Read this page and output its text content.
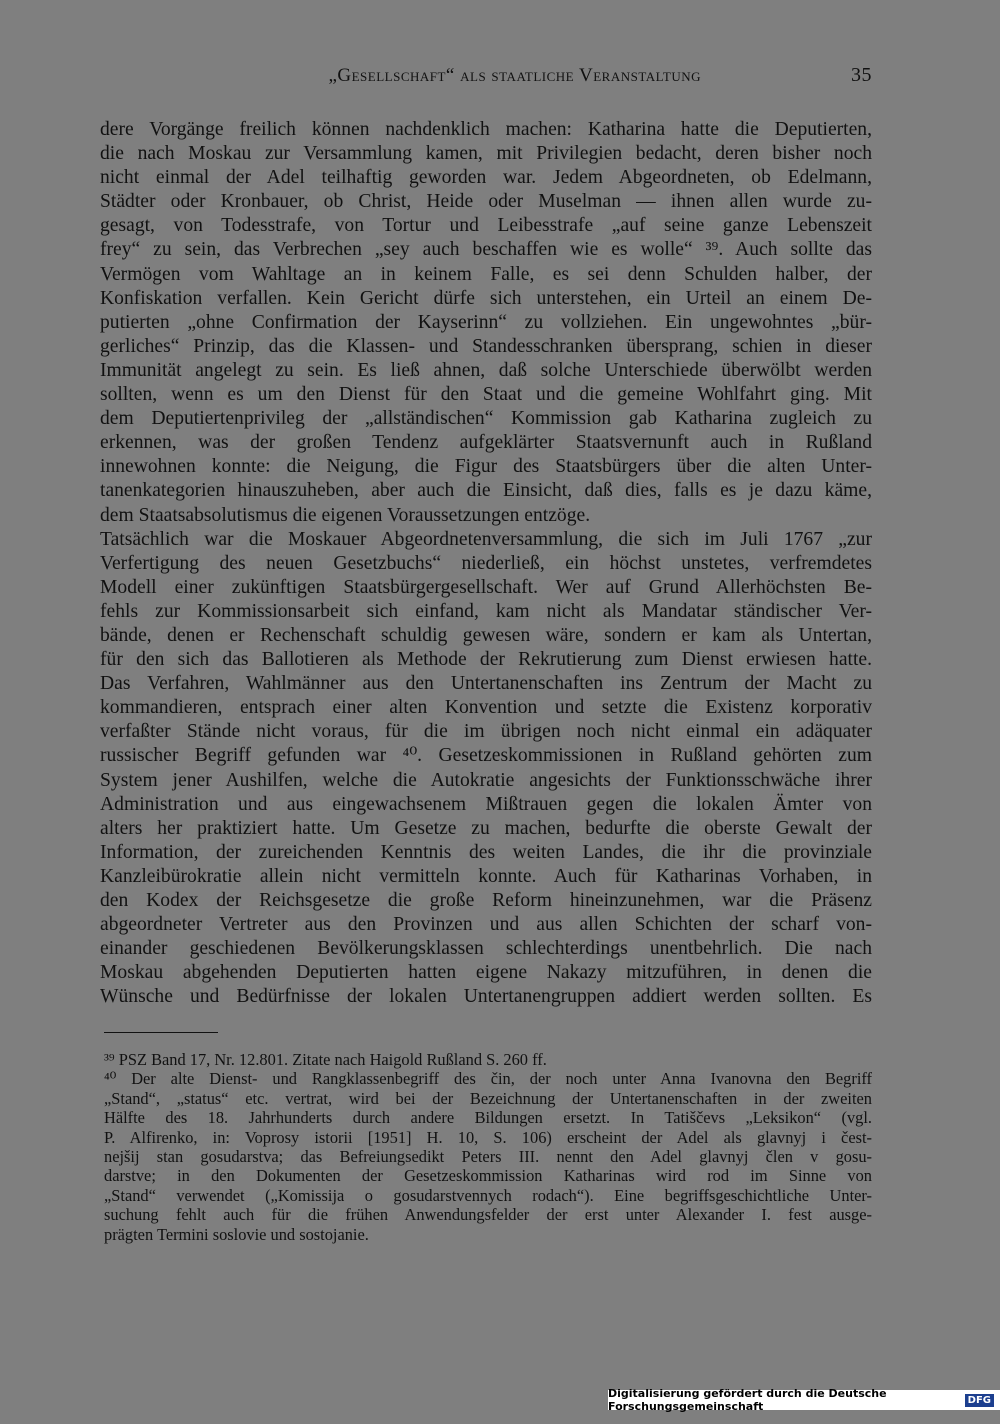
„Gesellschaft“ als staatliche Veranstaltung	35

dere Vorgänge freilich können nachdenklich machen: Katharina hatte die Deputierten,

die nach Moskau zur Versammlung kamen, mit Privilegien bedacht, deren bisher noch

nicht einmal der Adel teilhaftig geworden war. Jedem Abgeordneten, ob Edelmann,

Städter oder Kronbauer, ob Christ, Heide oder Muselman — ihnen allen wurde zu-

gesagt, von Todesstrafe, von Tortur und Leibesstrafe „auf seine ganze Lebenszeit

frey“ zu sein, das Verbrechen „sey auch beschaffen wie es wolle“ ³⁹. Auch sollte das

Vermögen vom Wahltage an in keinem Falle, es sei denn Schulden halber, der

Konfiskation verfallen. Kein Gericht dürfe sich unterstehen, ein Urteil an einem De-

putierten „ohne Confirmation der Kayserinn“ zu vollziehen. Ein ungewohntes „bür-

gerliches“ Prinzip, das die Klassen- und Standesschranken übersprang, schien in dieser

Immunität angelegt zu sein. Es ließ ahnen, daß solche Unterschiede überwölbt werden

sollten, wenn es um den Dienst für den Staat und die gemeine Wohlfahrt ging. Mit

dem Deputiertenprivileg der „allständischen“ Kommission gab Katharina zugleich zu

erkennen, was der großen Tendenz aufgeklärter Staatsvernunft auch in Rußland

innewohnen konnte: die Neigung, die Figur des Staatsbürgers über die alten Unter-

tanenkategorien hinauszuheben, aber auch die Einsicht, daß dies, falls es je dazu käme,

dem Staatsabsolutismus die eigenen Voraussetzungen entzöge.

Tatsächlich war die Moskauer Abgeordnetenversammlung, die sich im Juli 1767 „zur

Verfertigung des neuen Gesetzbuchs“ niederließ, ein höchst unstetes, verfremdetes

Modell einer zukünftigen Staatsbürgergesellschaft. Wer auf Grund Allerhöchsten Be-

fehls zur Kommissionsarbeit sich einfand, kam nicht als Mandatar ständischer Ver-

bände, denen er Rechenschaft schuldig gewesen wäre, sondern er kam als Untertan,

für den sich das Ballotieren als Methode der Rekrutierung zum Dienst erwiesen hatte.

Das Verfahren, Wahlmänner aus den Untertanenschaften ins Zentrum der Macht zu

kommandieren, entsprach einer alten Konvention und setzte die Existenz korporativ

verfaßter Stände nicht voraus, für die im übrigen noch nicht einmal ein adäquater

russischer Begriff gefunden war ⁴⁰. Gesetzeskommissionen in Rußland gehörten zum

System jener Aushilfen, welche die Autokratie angesichts der Funktionsschwäche ihrer

Administration und aus eingewachsenem Mißtrauen gegen die lokalen Ämter von

alters her praktiziert hatte. Um Gesetze zu machen, bedurfte die oberste Gewalt der

Information, der zureichenden Kenntnis des weiten Landes, die ihr die provinziale

Kanzleibürokratie allein nicht vermitteln konnte. Auch für Katharinas Vorhaben, in

den Kodex der Reichsgesetze die große Reform hineinzunehmen, war die Präsenz

abgeordneter Vertreter aus den Provinzen und aus allen Schichten der scharf von-

einander geschiedenen Bevölkerungsklassen schlechterdings unentbehrlich. Die nach

Moskau abgehenden Deputierten hatten eigene Nakazy mitzuführen, in denen die

Wünsche und Bedürfnisse der lokalen Untertanengruppen addiert werden sollten. Es

³⁹ PSZ Band 17, Nr. 12.801. Zitate nach Haigold Rußland S. 260 ff.

⁴⁰ Der alte Dienst- und Rangklassenbegriff des čin, der noch unter Anna Ivanovna den Begriff

„Stand“, „status“ etc. vertrat, wird bei der Bezeichnung der Untertanenschaften in der zweiten

Hälfte des 18. Jahrhunderts durch andere Bildungen ersetzt. In Tatiščevs „Leksikon“ (vgl.

P. Alfirenko, in: Voprosy istorii [1951] H. 10, S. 106) erscheint der Adel als glavnyj i čest-

nejšij stan gosudarstva; das Befreiungsedikt Peters III. nennt den Adel glavnyj člen v gosu-

darstve; in den Dokumenten der Gesetzeskommission Katharinas wird rod im Sinne von

„Stand“ verwendet („Komissija o gosudarstvennych rodach“). Eine begriffsgeschichtliche Unter-

suchung fehlt auch für die frühen Anwendungsfelder der erst unter Alexander I. fest ausge-

prägten Termini soslovie und sostojanie.

Digitalisierung gefördert durch die Deutsche Forschungsgemeinschaft	DFG
